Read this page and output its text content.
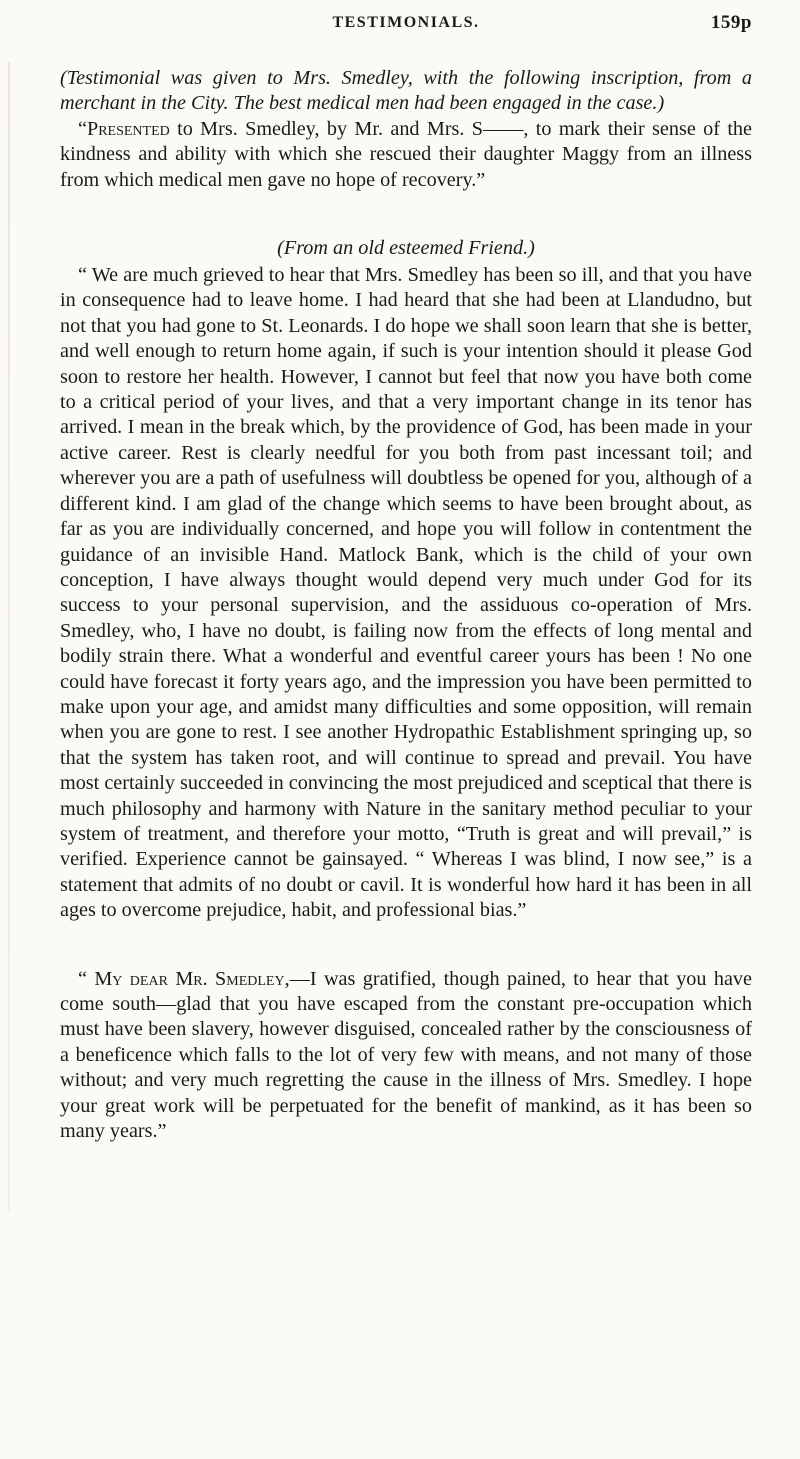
TESTIMONIALS.	159p

(Testimonial was given to Mrs. Smedley, with the following inscription, from a merchant in the City. The best medical men had been engaged in the case.)

“Presented to Mrs. Smedley, by Mr. and Mrs. S——, to mark their sense of the kindness and ability with which she rescued their daughter Maggy from an illness from which medical men gave no hope of recovery.”

(From an old esteemed Friend.)

“ We are much grieved to hear that Mrs. Smedley has been so ill, and that you have in consequence had to leave home. I had heard that she had been at Llandudno, but not that you had gone to St. Leonards. I do hope we shall soon learn that she is better, and well enough to return home again, if such is your intention should it please God soon to restore her health. However, I cannot but feel that now you have both come to a critical period of your lives, and that a very important change in its tenor has arrived. I mean in the break which, by the providence of God, has been made in your active career. Rest is clearly needful for you both from past incessant toil; and wherever you are a path of usefulness will doubtless be opened for you, although of a different kind. I am glad of the change which seems to have been brought about, as far as you are individually concerned, and hope you will follow in contentment the guidance of an invisible Hand. Matlock Bank, which is the child of your own conception, I have always thought would depend very much under God for its success to your personal supervision, and the assiduous co-operation of Mrs. Smedley, who, I have no doubt, is failing now from the effects of long mental and bodily strain there. What a wonderful and eventful career yours has been ! No one could have forecast it forty years ago, and the impression you have been permitted to make upon your age, and amidst many difficulties and some opposition, will remain when you are gone to rest. I see another Hydropathic Establishment springing up, so that the system has taken root, and will continue to spread and prevail. You have most certainly succeeded in convincing the most prejudiced and sceptical that there is much philosophy and harmony with Nature in the sanitary method peculiar to your system of treatment, and therefore your motto, “Truth is great and will prevail,” is verified. Experience cannot be gainsayed. “ Whereas I was blind, I now see,” is a statement that admits of no doubt or cavil. It is wonderful how hard it has been in all ages to overcome prejudice, habit, and professional bias.”

“ My dear Mr. Smedley,—I was gratified, though pained, to hear that you have come south—glad that you have escaped from the constant pre-occupation which must have been slavery, however disguised, concealed rather by the consciousness of a beneficence which falls to the lot of very few with means, and not many of those without; and very much regretting the cause in the illness of Mrs. Smedley. I hope your great work will be perpetuated for the benefit of mankind, as it has been so many years.”
